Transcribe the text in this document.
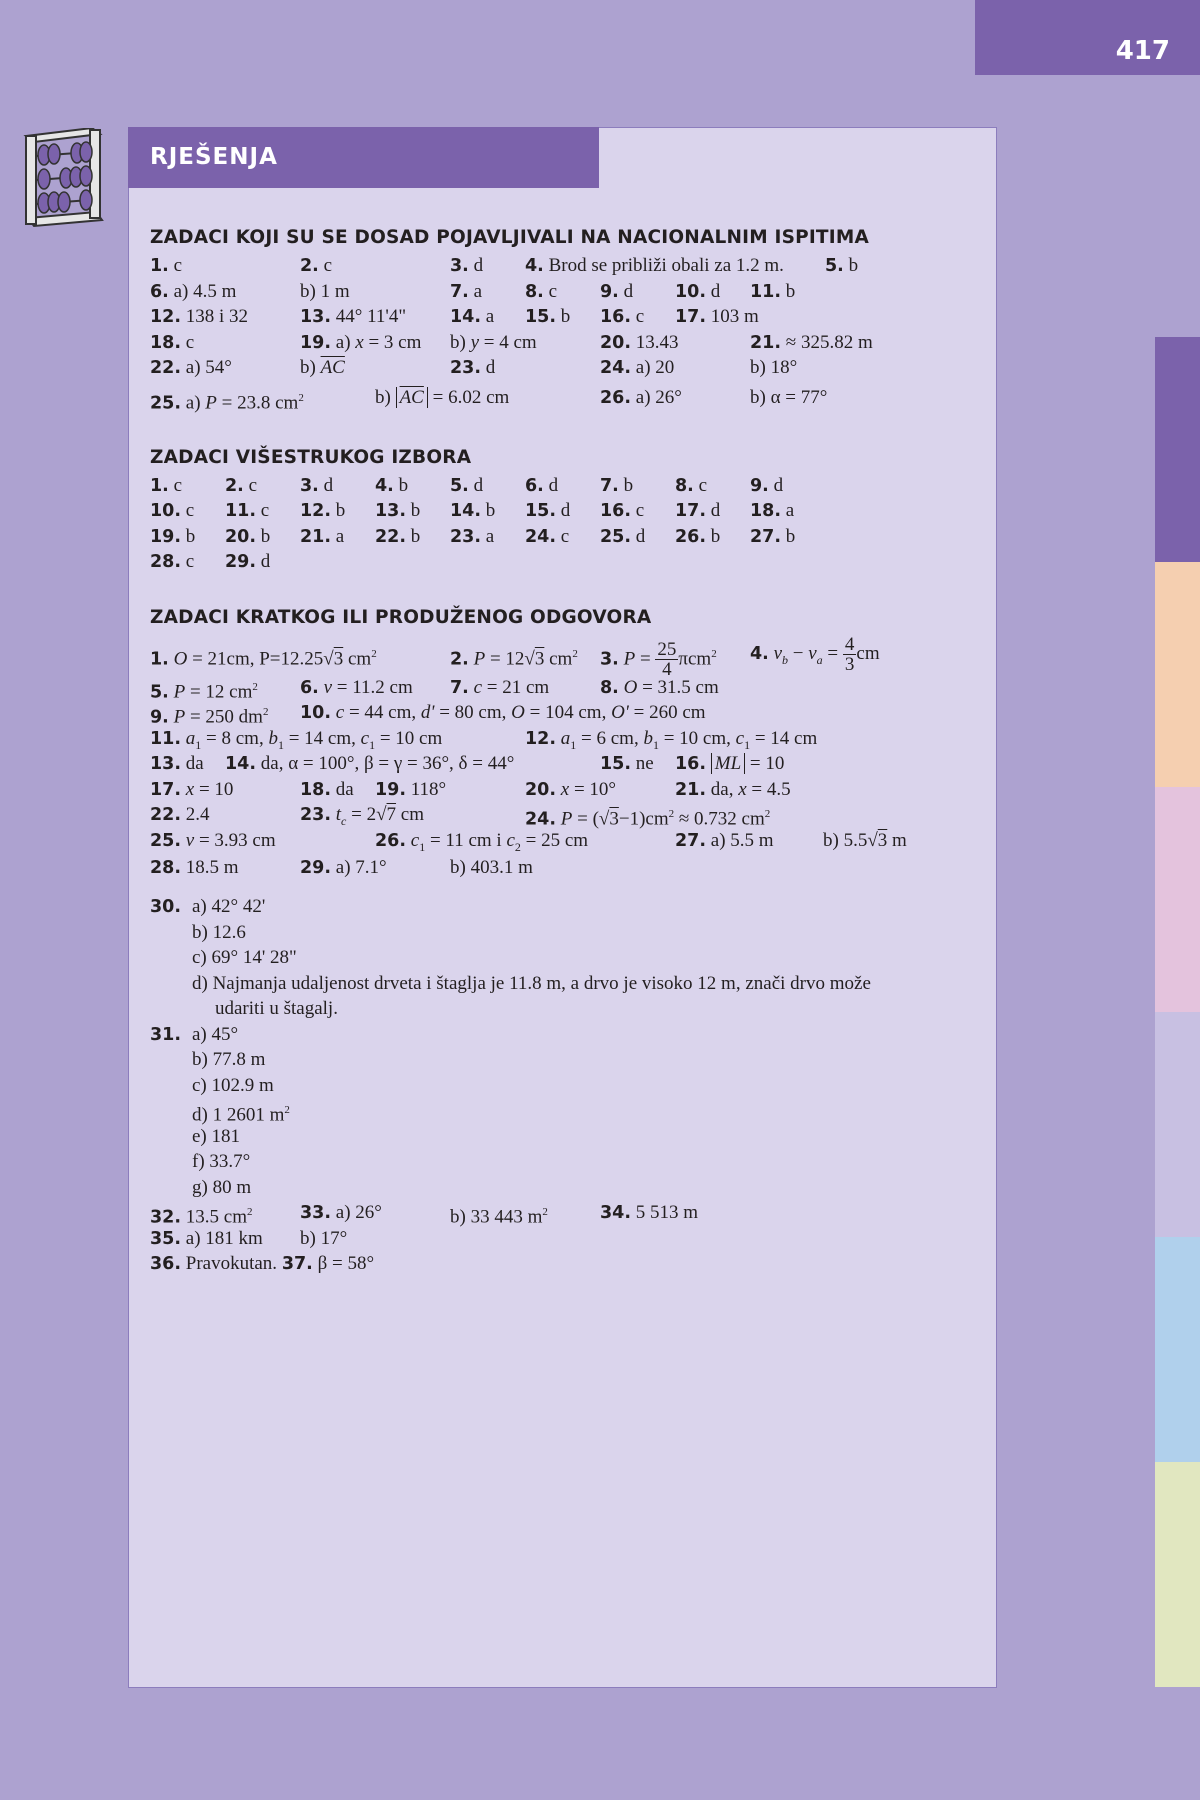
417
RJEŠENJA
ZADACI KOJI SU SE DOSAD POJAVLJIVALI NA NACIONALNIM ISPITIMA
1. c	2. c	3. d 4. Brod se približi obali za 1.2 m. 5. b
6. a) 4.5 m	b) 1 m	7. a 8. c 9. d 10. d 11. b
12. 138 i 32	13. 44° 11'4"	14. a 15. b 16. c 17. 103 m
18. c	19. a) x = 3 cm b) y = 4 cm	20. 13.43	21. ≈ 325.82 m
22. a) 54°	b) $\overline{AC}$	23. d	24. a) 20	b) 18°
25. a) P = 23.8 $cm^2$	b) $\overline{AC} = 6.02$ cm	26. a) 26°	b) α = 77°
ZADACI VIŠESTRUKOG IZBORA
1. c 2. c 3. d 4. b 5. d 6. d 7. b 8. c 9. d
10. c 11. c 12. b 13. b 14. b 15. d 16. c 17. d 18. a
19. b 20. b 21. a 22. b 23. a 24. c 25. d 26. b 27. b
28. c 29. d
ZADACI KRATKOG ILI PRODUŽENOG ODGOVORA
1. O = 21cm, P=12.25√3 $cm^2$	2. P = 12√3 $cm^2$ 3. $P = \frac{25}{4} \pi cm^2$ 4. $v_b - v_a = \frac{4}{3}$ cm
5. P = 12 $cm^2$ 6. v = 11.2 cm 7. c = 21 cm	8. O = 31.5 cm
9. P = 250 $dm^2$ 10. c = 44 cm, d' = 80 cm, O = 104 cm, O' = 260 cm
11. $a_1 = 8$ cm, $b_1 = 14$ cm, $c_1 = 10$ cm	12. $a_1 = 6$ cm, $b_1 = 10$ cm, $c_1 = 14$ cm
13. da 14. da, α = 100°, β = γ = 36°, δ = 44°	15. ne 16. ML = 10
17. x = 10	18. da 19. 118°	20. x = 10°	21. da, x = 4.5
22. 2.4	23. $t_c = 2√7$ cm	24. $P = (√3-1)cm^2 \approx 0.732$ $cm^2$
25. v = 3.93 cm	26. $c_1 = 11$ cm i $c_2 = 25$ cm	27. a) 5.5 m	b) 5.5√3 m
28. 18.5 m	29. a) 7.1°	b) 403.1 m
30. a) 42° 42'
b) 12.6
c) 69° 14' 28"
d) Najmanja udaljenost drveta i štaglja je 11.8 m, a drvo je visoko 12 m, znači drvo može
udariti u štagalj.
31. a) 45°
b) 77.8 m
c) 102.9 m
d) 1 2601 $m^2$
e) 181
f) 33.7°
g) 80 m
32. 13.5 $cm^2$	33. a) 26°	b) 33 443 $m^2$	34. 5 513 m
35. a) 181 km b) 17°
36. Pravokutan. 37. β = 58°
